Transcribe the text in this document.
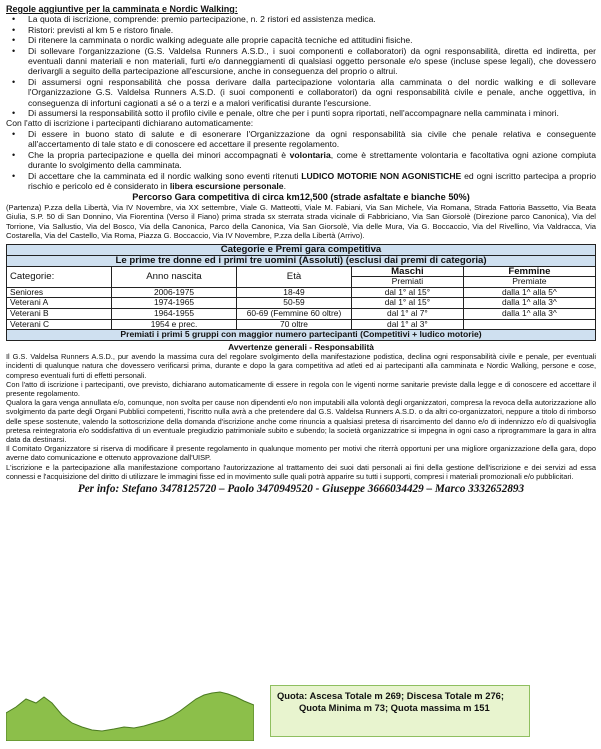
Regole aggiuntive per la camminata e Nordic Walking:
• La quota di iscrizione, comprende: premio partecipazione, n. 2 ristori ed assistenza medica.
• Ristori: previsti al km 5 e ristoro finale.
• Di ritenere la camminata o nordic walking adeguate alle proprie capacità tecniche ed attitudini fisiche.
• Di sollevare l'organizzazione (G.S. Valdelsa Runners A.S.D., i suoi componenti e collaboratori) da ogni responsabilità, diretta ed indiretta, per eventuali danni materiali e non materiali, furti e/o danneggiamenti di qualsiasi oggetto personale e/o spese (incluse spese legali), che dovessero derivargli a seguito della partecipazione all'escursione, anche in conseguenza del proprio o altrui.
• Di assumersi ogni responsabilità che possa derivare dalla partecipazione volontaria alla camminata o del nordic walking e di sollevare l'Organizzazione G.S. Valdelsa Runners A.S.D. (i suoi componenti e collaboratori) da ogni responsabilità civile e penale, anche oggettiva, in conseguenza di infortuni cagionati a sé o a terzi e a malori verificatisi durante l'escursione.
• Di assumersi la responsabilità sotto il profilo civile e penale, oltre che per i punti sopra riportati, nell'accompagnare nella camminata i minori.
Con l'atto di iscrizione i partecipanti dichiarano automaticamente:
• Di essere in buono stato di salute e di esonerare l'Organizzazione da ogni responsabilità sia civile che penale relativa e conseguente all'accertamento di tale stato e di conoscere ed accettare il presente regolamento.
• Che la propria partecipazione e quella dei minori accompagnati è volontaria, come è strettamente volontaria e facoltativa ogni azione compiuta durante lo svolgimento della camminata.
• Di accettare che la camminata ed il nordic walking sono eventi ritenuti LUDICO MOTORIE NON AGONISTICHE ed ogni iscritto partecipa a proprio rischio e pericolo ed è considerato in libera escursione personale.
Percorso Gara competitiva di circa km12,500 (strade asfaltate e bianche 50%)
(Partenza) P.zza della Libertà, Via IV Novembre, via XX settembre, Viale G. Matteotti, Viale M. Fabiani, Via San Michele, Via Romana, Strada Fattoria Bassetto, Via Beata Giulia, S.P. 50 di San Donnino, Via Fiorentina (Verso il Fiano) prima strada sx sterrata strada vicinale di Fabbriciano, Via San Giorsolè (Direzione parco Canonica), Via del Torrione, Via Sallustio, Via del Bosco, Via della Canonica, Parco della Canonica, Via San Giorsolè, Via delle Mura, Via G. Boccaccio, Via del Rivellino, Via Valdracca, Via Costarella, Via del Castello, Via Roma, Piazza G. Boccaccio, Via IV Novembre, P.zza della Libertà (Arrivo).
Categorie e Premi gara competitiva				
Le prime tre donne ed i primi tre uomini (Assoluti) (esclusi dai premi di categoria)				
Categorie:	Anno nascita	Età	Maschi	Femmine
			Premiati	Premiate
Seniores	2006-1975	18-49	dal 1° al 15°	dalla 1^ alla 5^
Veterani A	1974-1965	50-59	dal 1° al 15°	dalla 1^ alla 3^
Veterani B	1964-1955	60-69 (Femmine 60 oltre)	dal 1° al 7°	dalla 1^ alla 3^
Veterani C	1954 e prec.	70 oltre	dal 1° al 3°	
Premiati i primi 5 gruppi con maggior numero partecipanti (Competitivi + ludico motorie)				
Avvertenze generali - Responsabilità

Il G.S. Valdelsa Runners A.S.D., pur avendo la massima cura del regolare svolgimento della manifestazione podistica, declina ogni responsabilità civile e penale, per eventuali incidenti di qualunque natura che dovessero verificarsi prima, durante e dopo la gara competitiva ad atleti ed ai partecipanti alla camminata e Nordic Walking, persone e cose, compreso eventuali furti di effetti personali.

Con l'atto di iscrizione i partecipanti, ove previsto, dichiarano automaticamente di essere in regola con le vigenti norme sanitarie previste dalla legge e di conoscere ed accettare il presente regolamento.

Qualora la gara venga annullata e/o, comunque, non svolta per cause non dipendenti e/o non imputabili alla volontà degli organizzatori, compresa la revoca della autorizzazione allo svolgimento da parte degli Organi Pubblici competenti, l'iscritto nulla avrà a che pretendere dal G.S. Valdelsa Runners A.S.D. o da altri co-organizzatori, neppure a titolo di rimborso delle spese sostenute, valendo la sottoscrizione della domanda d'iscrizione anche come rinuncia a qualsiasi pretesa di risarcimento del danno e/o di indennizzo e/o di qualsivoglia pretesa reintegratoria e/o soddisfattiva di un eventuale pregiudizio patrimoniale subito e subendo; la società organizzatrice si impegna in ogni caso a riprogrammare la gara in altra data da destinarsi.

Il Comitato Organizzatore si riserva di modificare il presente regolamento in qualunque momento per motivi che riterrà opportuni per una migliore organizzazione della gara, dopo averne dato comunicazione e ottenuto approvazione dall'UISP.

L'iscrizione e la partecipazione alla manifestazione comportano l'autorizzazione al trattamento dei suoi dati personali ai fini della gestione dell'iscrizione e dei servizi ad essa connessi e l'acquisizione del diritto di utilizzare le immagini fisse ed in movimento sulle quali potrà apparire su tutti i supporti, compresi i materiali promozionali e/o pubblicitari.

Per info: Stefano 3478125720 – Paolo 3470949520 - Giuseppe 3666034429 – Marco 3332652893
Quota: Ascesa Totale m 269; Discesa Totale m 276;
Quota Minima m 73; Quota massima m 151
